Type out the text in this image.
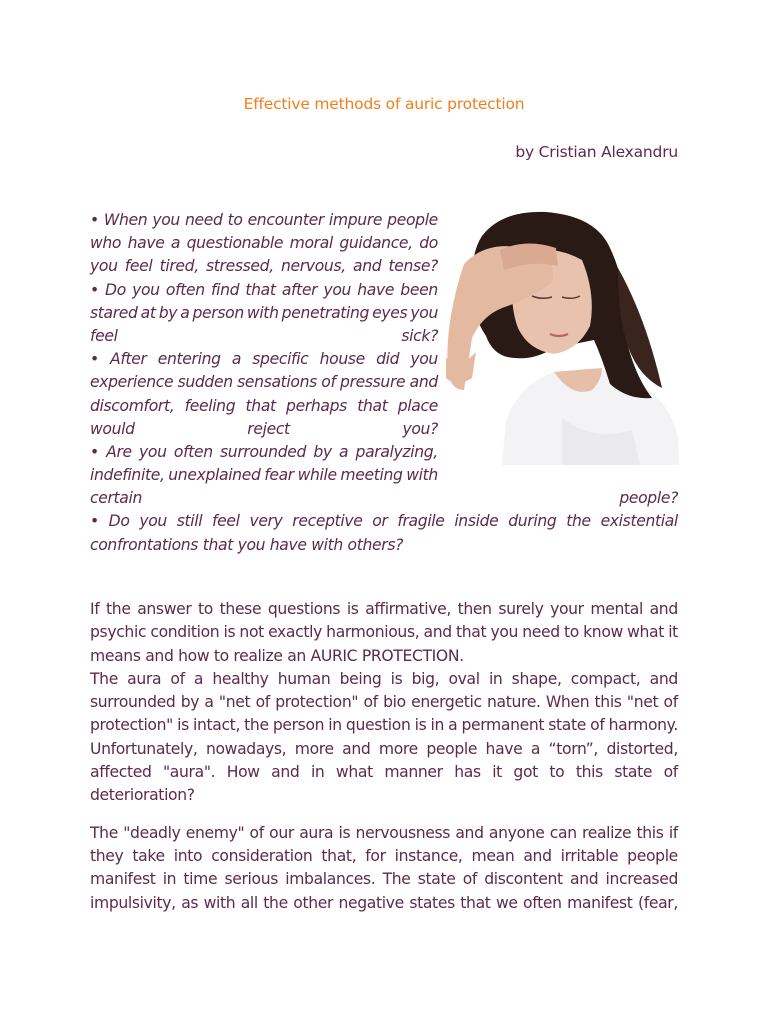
Effective methods of auric protection
by Cristian Alexandru
• When you need to encounter impure people
who have a questionable moral guidance, do
you feel tired, stressed, nervous, and tense?
• Do you often find that after you have been
stared at by a person with penetrating eyes you
feel	sick?
• After entering a specific house did you
experience sudden sensations of pressure and
discomfort, feeling that perhaps that place
would	reject	you?
• Are you often surrounded by a paralyzing,
indefinite, unexplained fear while meeting with
certain	people?
• Do you still feel very receptive or fragile inside during the existential
confrontations that you have with others?
If the answer to these questions is affirmative, then surely your mental and
psychic condition is not exactly harmonious, and that you need to know what it
means and how to realize an AURIC PROTECTION.
The aura of a healthy human being is big, oval in shape, compact, and
surrounded by a "net of protection" of bio energetic nature. When this "net of
protection" is intact, the person in question is in a permanent state of harmony.
Unfortunately, nowadays, more and more people have a “torn”, distorted,
affected "aura". How and in what manner has it got to this state of
deterioration?
The "deadly enemy" of our aura is nervousness and anyone can realize this if
they take into consideration that, for instance, mean and irritable people
manifest in time serious imbalances. The state of discontent and increased
impulsivity, as with all the other negative states that we often manifest (fear,
